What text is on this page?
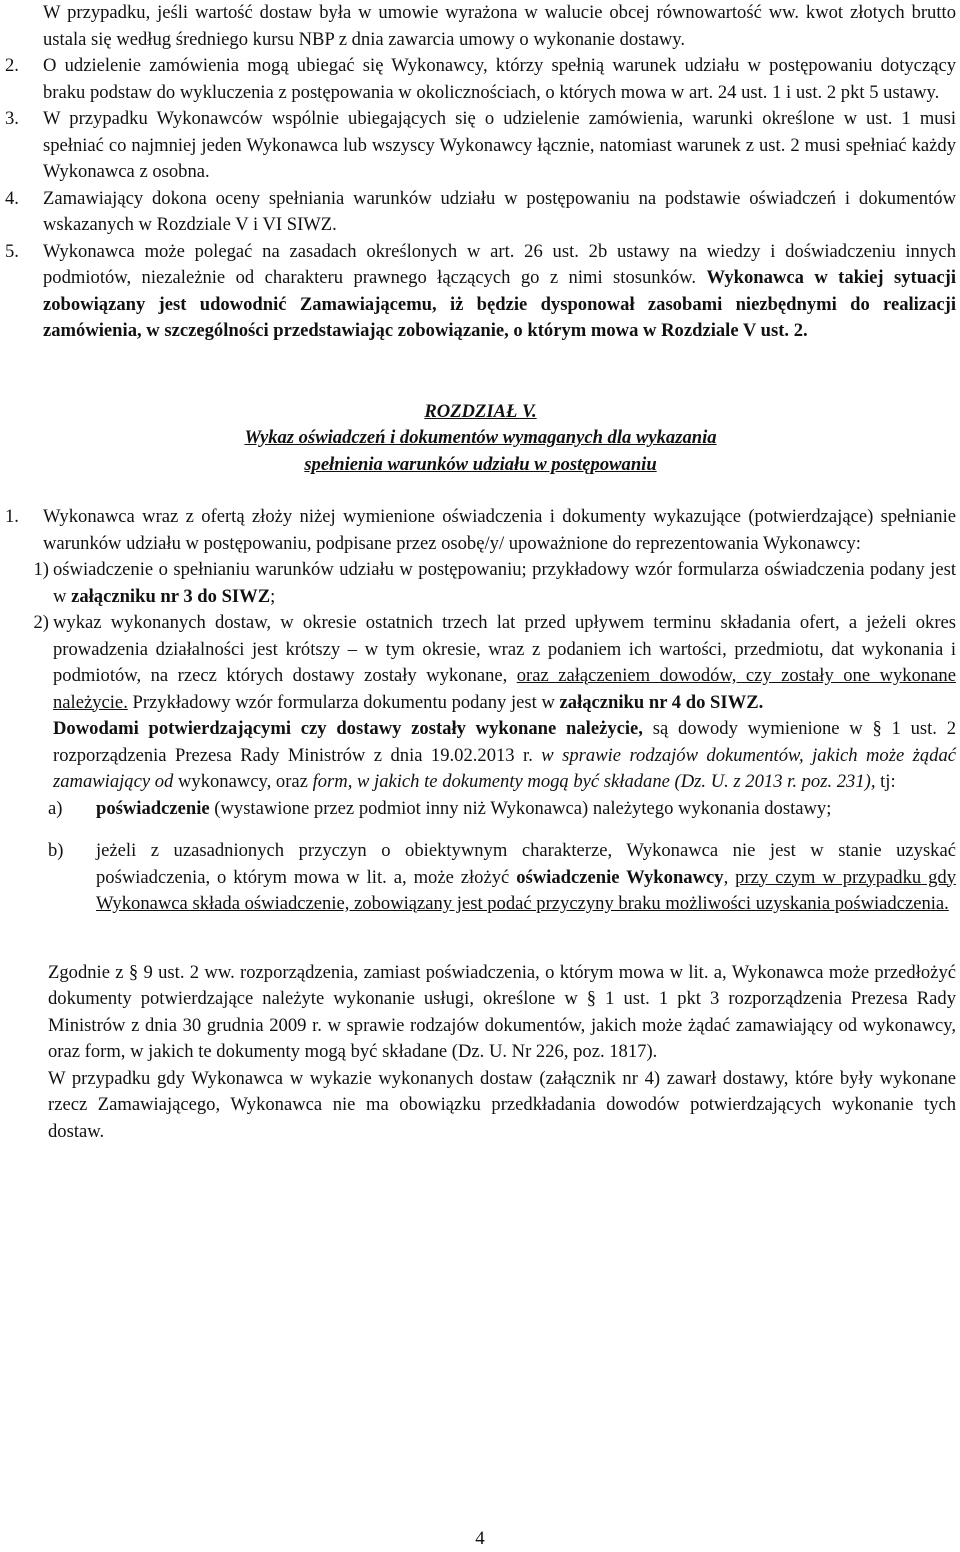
W przypadku, jeśli wartość dostaw była w umowie wyrażona w walucie obcej równowartość ww. kwot złotych brutto ustala się według średniego kursu NBP z dnia zawarcia umowy o wykonanie dostawy.
2.	O udzielenie zamówienia mogą ubiegać się Wykonawcy, którzy spełnią warunek udziału w postępowaniu dotyczący braku podstaw do wykluczenia z postępowania w okolicznościach, o których mowa w art. 24 ust. 1 i ust. 2 pkt 5 ustawy.
3.	W przypadku Wykonawców wspólnie ubiegających się o udzielenie zamówienia, warunki określone w ust. 1 musi spełniać co najmniej jeden Wykonawca lub wszyscy Wykonawcy łącznie, natomiast warunek z ust. 2 musi spełniać każdy Wykonawca z osobna.
4.	Zamawiający dokona oceny spełniania warunków udziału w postępowaniu na podstawie oświadczeń i dokumentów wskazanych w Rozdziale V i VI SIWZ.
5.	Wykonawca może polegać na zasadach określonych w art. 26 ust. 2b ustawy na wiedzy i doświadczeniu innych podmiotów, niezależnie od charakteru prawnego łączących go z nimi stosunków. Wykonawca w takiej sytuacji zobowiązany jest udowodnić Zamawiającemu, iż będzie dysponował zasobami niezbędnymi do realizacji zamówienia, w szczególności przedstawiając zobowiązanie, o którym mowa w Rozdziale V ust. 2.
ROZDZIAŁ V.
Wykaz oświadczeń i dokumentów wymaganych dla wykazania
spełnienia warunków udziału w postępowaniu
1.	Wykonawca wraz z ofertą złoży niżej wymienione oświadczenia i dokumenty wykazujące (potwierdzające) spełnianie warunków udziału w postępowaniu, podpisane przez osobę/y/ upoważnione do reprezentowania Wykonawcy:
1) oświadczenie o spełnianiu warunków udziału w postępowaniu; przykładowy wzór formularza oświadczenia podany jest w załączniku nr 3 do SIWZ;
2) wykaz wykonanych dostaw, w okresie ostatnich trzech lat przed upływem terminu składania ofert, a jeżeli okres prowadzenia działalności jest krótszy – w tym okresie, wraz z podaniem ich wartości, przedmiotu, dat wykonania i podmiotów, na rzecz których dostawy zostały wykonane, oraz załączeniem dowodów, czy zostały one wykonane należycie. Przykładowy wzór formularza dokumentu podany jest w załączniku nr 4 do SIWZ.
Dowodami potwierdzającymi czy dostawy zostały wykonane należycie, są dowody wymienione w § 1 ust. 2 rozporządzenia Prezesa Rady Ministrów z dnia 19.02.2013 r. w sprawie rodzajów dokumentów, jakich może żądać zamawiający od wykonawcy, oraz form, w jakich te dokumenty mogą być składane (Dz. U. z 2013 r. poz. 231), tj:
a)	poświadczenie (wystawione przez podmiot inny niż Wykonawca) należytego wykonania dostawy;
b)	jeżeli z uzasadnionych przyczyn o obiektywnym charakterze, Wykonawca nie jest w stanie uzyskać poświadczenia, o którym mowa w lit. a, może złożyć oświadczenie Wykonawcy, przy czym w przypadku gdy Wykonawca składa oświadczenie, zobowiązany jest podać przyczyny braku możliwości uzyskania poświadczenia.
Zgodnie z § 9 ust. 2 ww. rozporządzenia, zamiast poświadczenia, o którym mowa w lit. a, Wykonawca może przedłożyć dokumenty potwierdzające należyte wykonanie usługi, określone w § 1 ust. 1 pkt 3 rozporządzenia Prezesa Rady Ministrów z dnia 30 grudnia 2009 r. w sprawie rodzajów dokumentów, jakich może żądać zamawiający od wykonawcy, oraz form, w jakich te dokumenty mogą być składane (Dz. U. Nr 226, poz. 1817).
W przypadku gdy Wykonawca w wykazie wykonanych dostaw (załącznik nr 4) zawarł dostawy, które były wykonane rzecz Zamawiającego, Wykonawca nie ma obowiązku przedkładania dowodów potwierdzających wykonanie tych dostaw.
4
